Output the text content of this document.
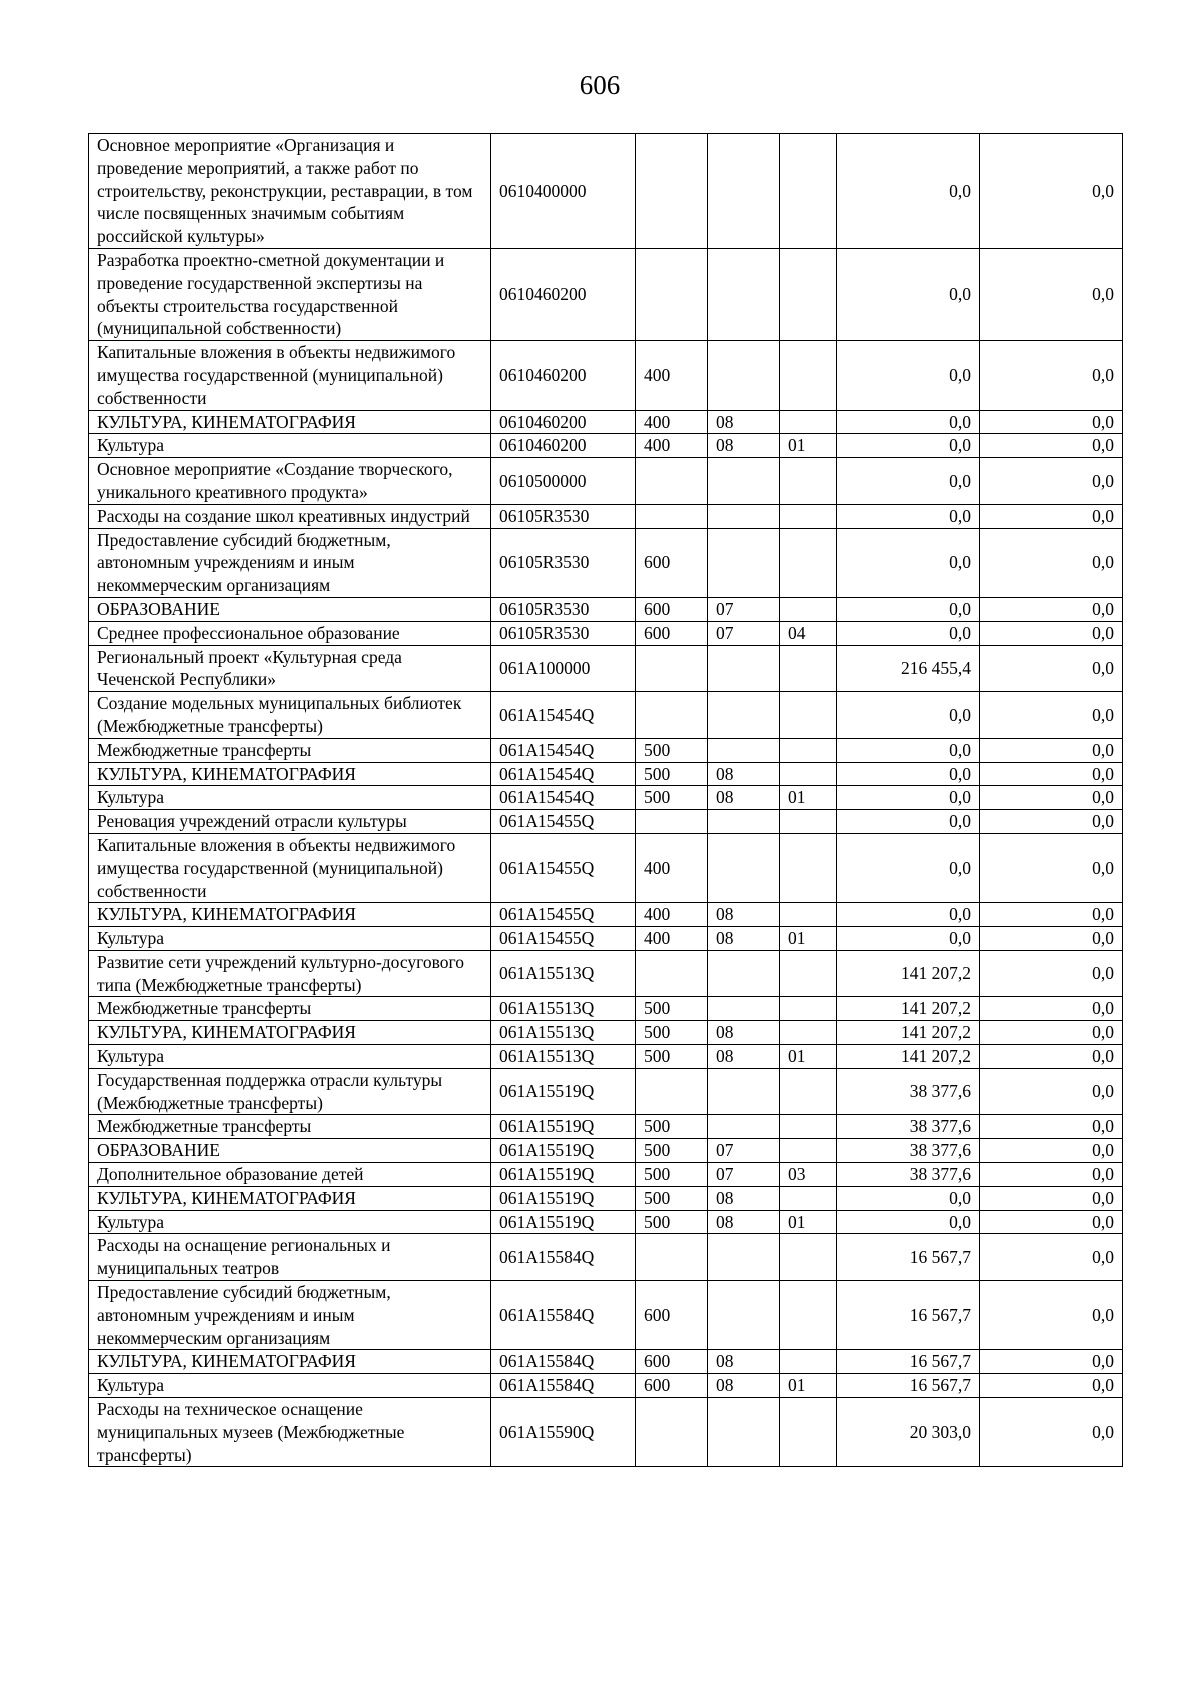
606
Основное мероприятие «Организация и проведение мероприятий, а также работ по строительству, реконструкции, реставрации, в том числе посвященных значимым событиям российской культуры»	0610400000				0,0	0,0
Разработка проектно-сметной документации и проведение государственной экспертизы на объекты строительства государственной (муниципальной собственности)	0610460200				0,0	0,0
Капитальные вложения в объекты недвижимого имущества государственной (муниципальной) собственности	0610460200	400			0,0	0,0
КУЛЬТУРА, КИНЕМАТОГРАФИЯ	0610460200	400	08		0,0	0,0
Культура	0610460200	400	08	01	0,0	0,0
Основное мероприятие «Создание творческого, уникального креативного продукта»	0610500000				0,0	0,0
Расходы на создание школ креативных индустрий	06105R3530				0,0	0,0
Предоставление субсидий бюджетным, автономным учреждениям и иным некоммерческим организациям	06105R3530	600			0,0	0,0
ОБРАЗОВАНИЕ	06105R3530	600	07		0,0	0,0
Среднее профессиональное образование	06105R3530	600	07	04	0,0	0,0
Региональный проект «Культурная среда Чеченской Республики»	061A100000				216 455,4	0,0
Создание модельных муниципальных библиотек (Межбюджетные трансферты)	061A15454Q				0,0	0,0
Межбюджетные трансферты	061A15454Q	500			0,0	0,0
КУЛЬТУРА, КИНЕМАТОГРАФИЯ	061A15454Q	500	08		0,0	0,0
Культура	061A15454Q	500	08	01	0,0	0,0
Реновация учреждений отрасли культуры	061A15455Q				0,0	0,0
Капитальные вложения в объекты недвижимого имущества государственной (муниципальной) собственности	061A15455Q	400			0,0	0,0
КУЛЬТУРА, КИНЕМАТОГРАФИЯ	061A15455Q	400	08		0,0	0,0
Культура	061A15455Q	400	08	01	0,0	0,0
Развитие сети учреждений культурно-досугового типа (Межбюджетные трансферты)	061A15513Q				141 207,2	0,0
Межбюджетные трансферты	061A15513Q	500			141 207,2	0,0
КУЛЬТУРА, КИНЕМАТОГРАФИЯ	061A15513Q	500	08		141 207,2	0,0
Культура	061A15513Q	500	08	01	141 207,2	0,0
Государственная поддержка отрасли культуры (Межбюджетные трансферты)	061A15519Q				38 377,6	0,0
Межбюджетные трансферты	061A15519Q	500			38 377,6	0,0
ОБРАЗОВАНИЕ	061A15519Q	500	07		38 377,6	0,0
Дополнительное образование детей	061A15519Q	500	07	03	38 377,6	0,0
КУЛЬТУРА, КИНЕМАТОГРАФИЯ	061A15519Q	500	08		0,0	0,0
Культура	061A15519Q	500	08	01	0,0	0,0
Расходы на оснащение региональных и муниципальных театров	061A15584Q				16 567,7	0,0
Предоставление субсидий бюджетным, автономным учреждениям и иным некоммерческим организациям	061A15584Q	600			16 567,7	0,0
КУЛЬТУРА, КИНЕМАТОГРАФИЯ	061A15584Q	600	08		16 567,7	0,0
Культура	061A15584Q	600	08	01	16 567,7	0,0
Расходы на техническое оснащение муниципальных музеев (Межбюджетные трансферты)	061A15590Q				20 303,0	0,0
